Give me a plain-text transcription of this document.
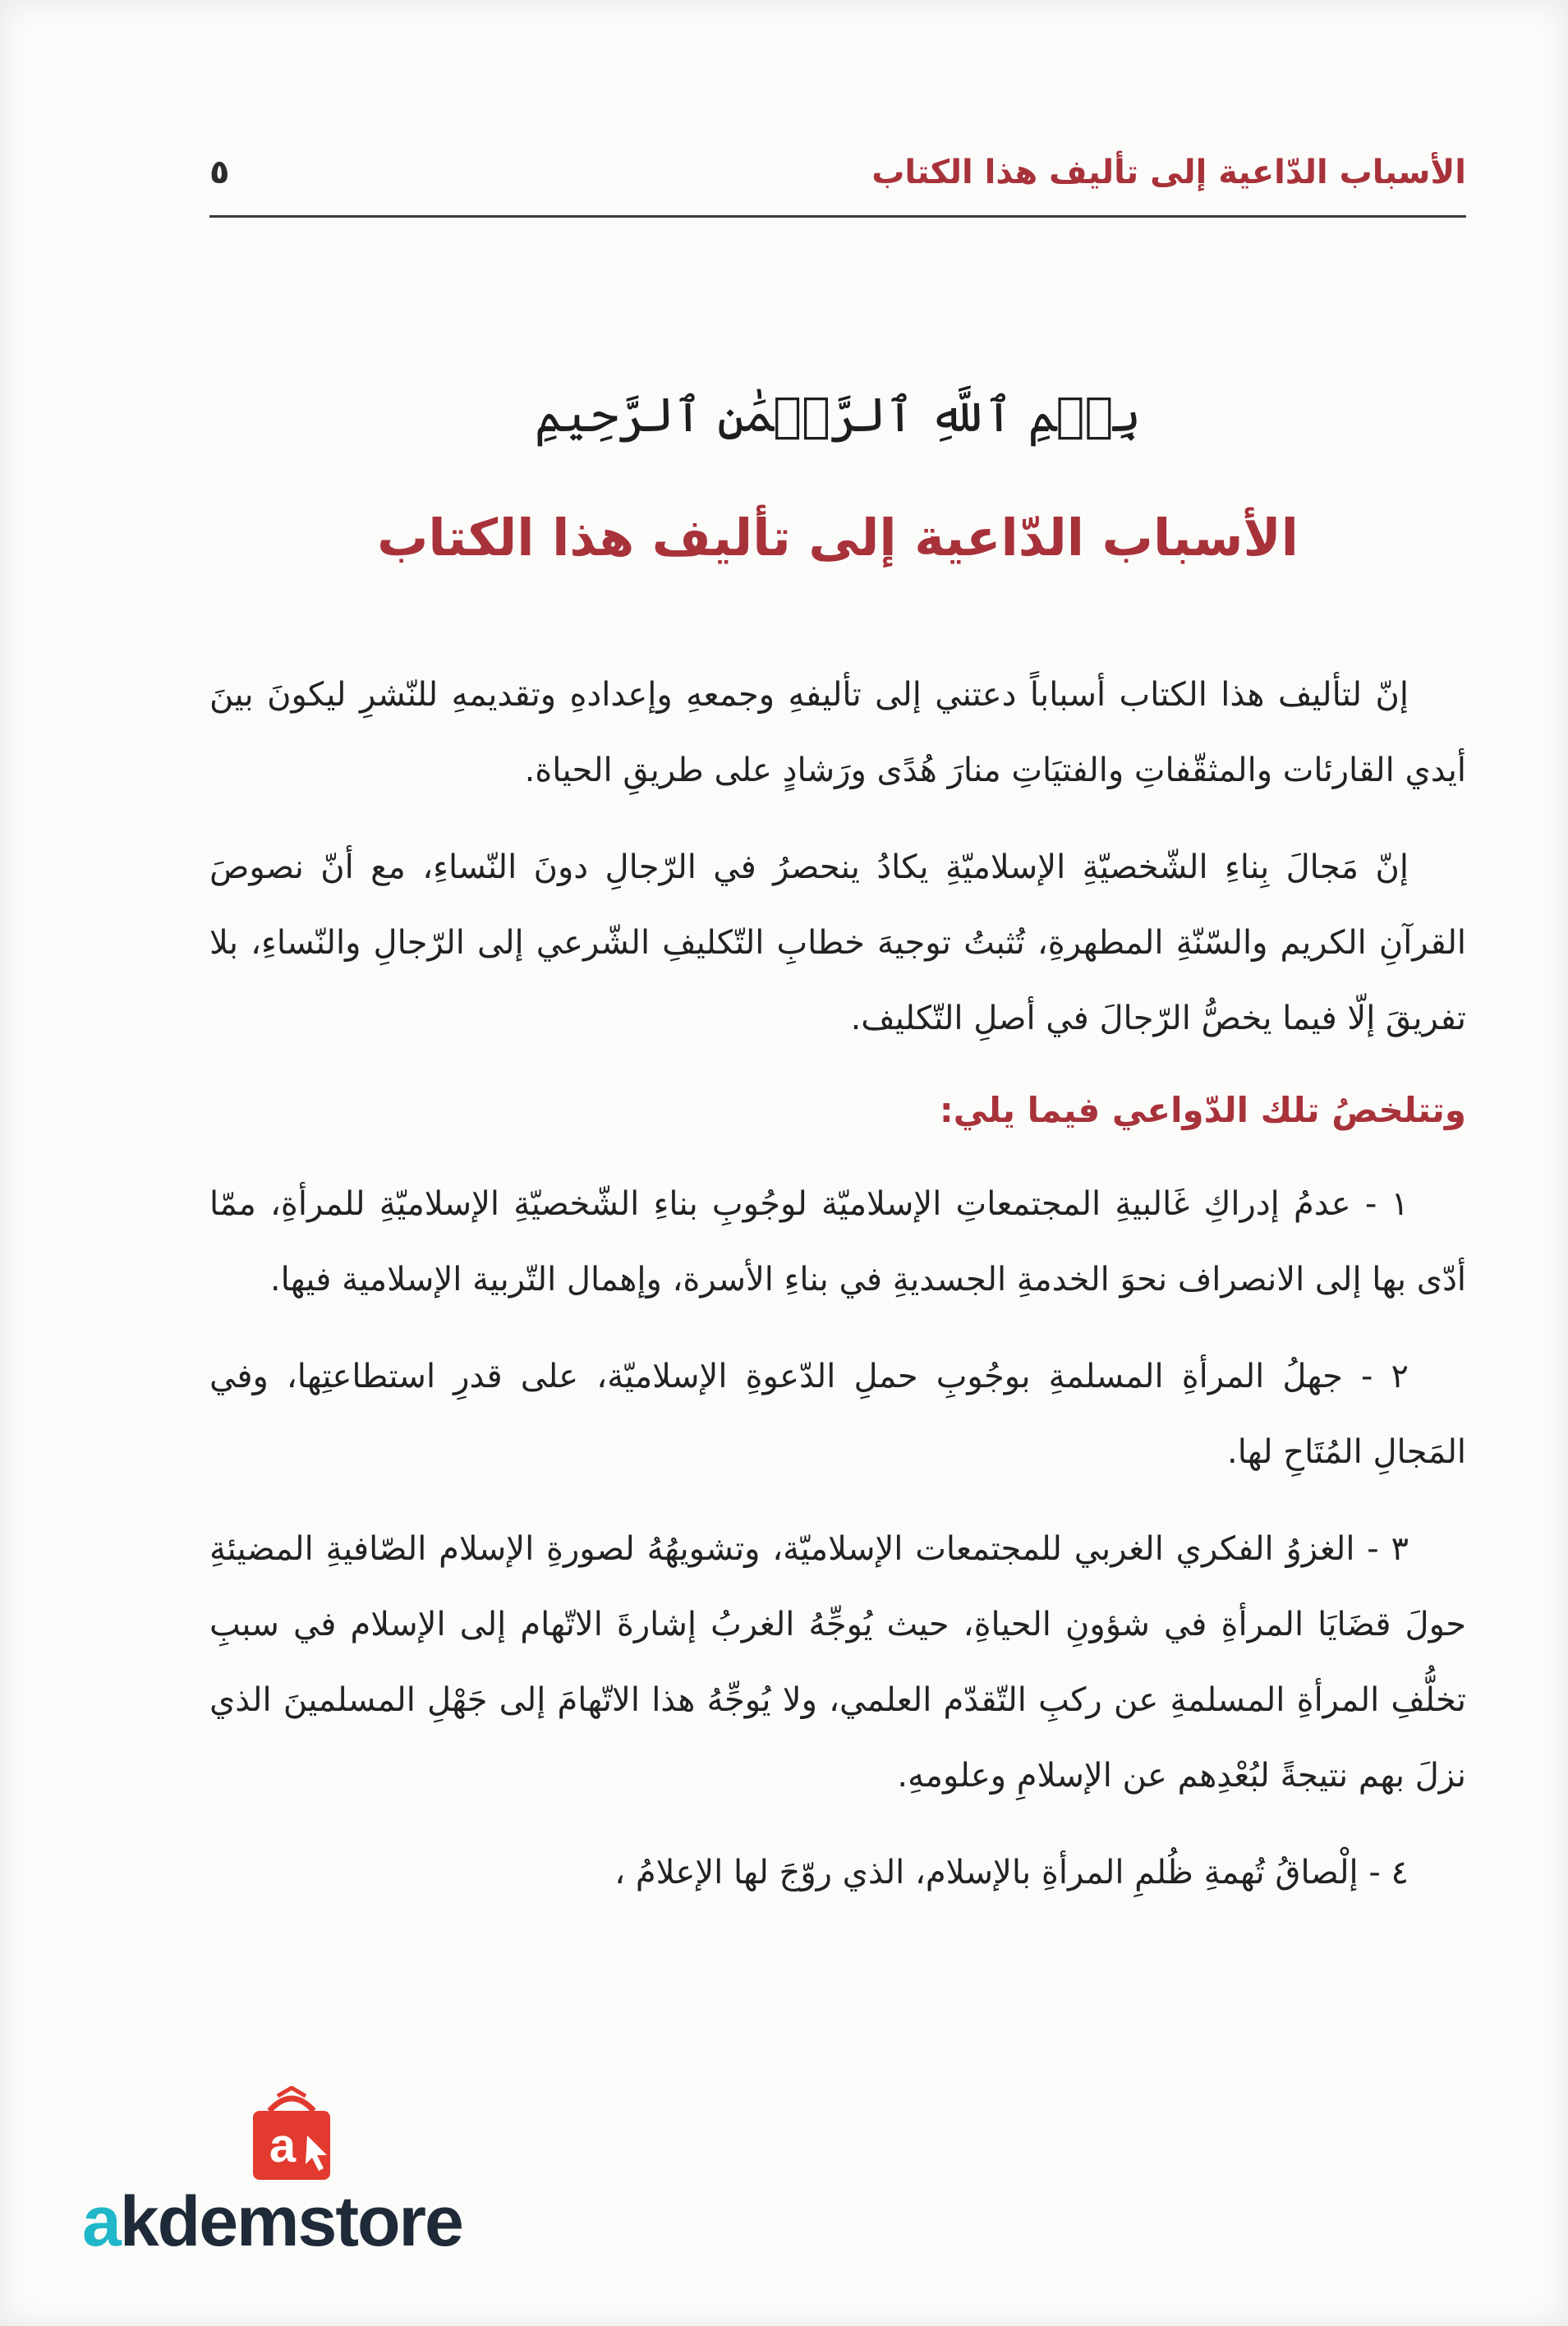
الأسباب الدّاعية إلى تأليف هذا الكتاب
٥
بِسۡمِ ٱللَّهِ ٱلرَّحۡمَٰنِ ٱلرَّحِيمِ
الأسباب الدّاعية إلى تأليف هذا الكتاب

إنّ لتأليف هذا الكتاب أسباباً دعتني إلى تأليفهِ وجمعهِ وإعدادهِ وتقديمهِ للنّشرِ ليكونَ بينَ أيدي القارئات والمثقّفاتِ والفتيَاتِ منارَ هُدًى ورَشادٍ على طريقِ الحياة.

إنّ مَجالَ بِناءِ الشّخصيّةِ الإسلاميّةِ يكادُ ينحصرُ في الرّجالِ دونَ النّساءِ، مع أنّ نصوصَ القرآنِ الكريم والسّنّةِ المطهرةِ، تُثبتُ توجيهَ خطابِ التّكليفِ الشّرعي إلى الرّجالِ والنّساءِ، بلا تفريقَ إلّا فيما يخصُّ الرّجالَ في أصلِ التّكليف.

وتتلخصُ تلك الدّواعي فيما يلي:

١ - عدمُ إدراكِ غَالبيةِ المجتمعاتِ الإسلاميّة لوجُوبِ بناءِ الشّخصيّةِ الإسلاميّةِ للمرأةِ، ممّا أدّى بها إلى الانصراف نحوَ الخدمةِ الجسديةِ في بناءِ الأسرة، وإهمال التّربية الإسلامية فيها.

٢ - جهلُ المرأةِ المسلمةِ بوجُوبِ حملِ الدّعوةِ الإسلاميّة، على قدرِ استطاعتِها، وفي المَجالِ المُتَاحِ لها.

٣ - الغزوُ الفكري الغربي للمجتمعات الإسلاميّة، وتشويهُهُ لصورةِ الإسلام الصّافيةِ المضيئةِ حولَ قضَايَا المرأةِ في شؤونِ الحياةِ، حيث يُوجِّهُ الغربُ إشارةَ الاتّهام إلى الإسلام في سببِ تخلُّفِ المرأةِ المسلمةِ عن ركبِ التّقدّم العلمي، ولا يُوجِّهُ هذا الاتّهامَ إلى جَهْلِ المسلمينَ الذي نزلَ بهم نتيجةً لبُعْدِهم عن الإسلامِ وعلومهِ.

٤ - إلْصاقُ تُهمةِ ظُلمِ المرأةِ بالإسلام، الذي روّجَ لها الإعلامُ ،

a
akdemstore
